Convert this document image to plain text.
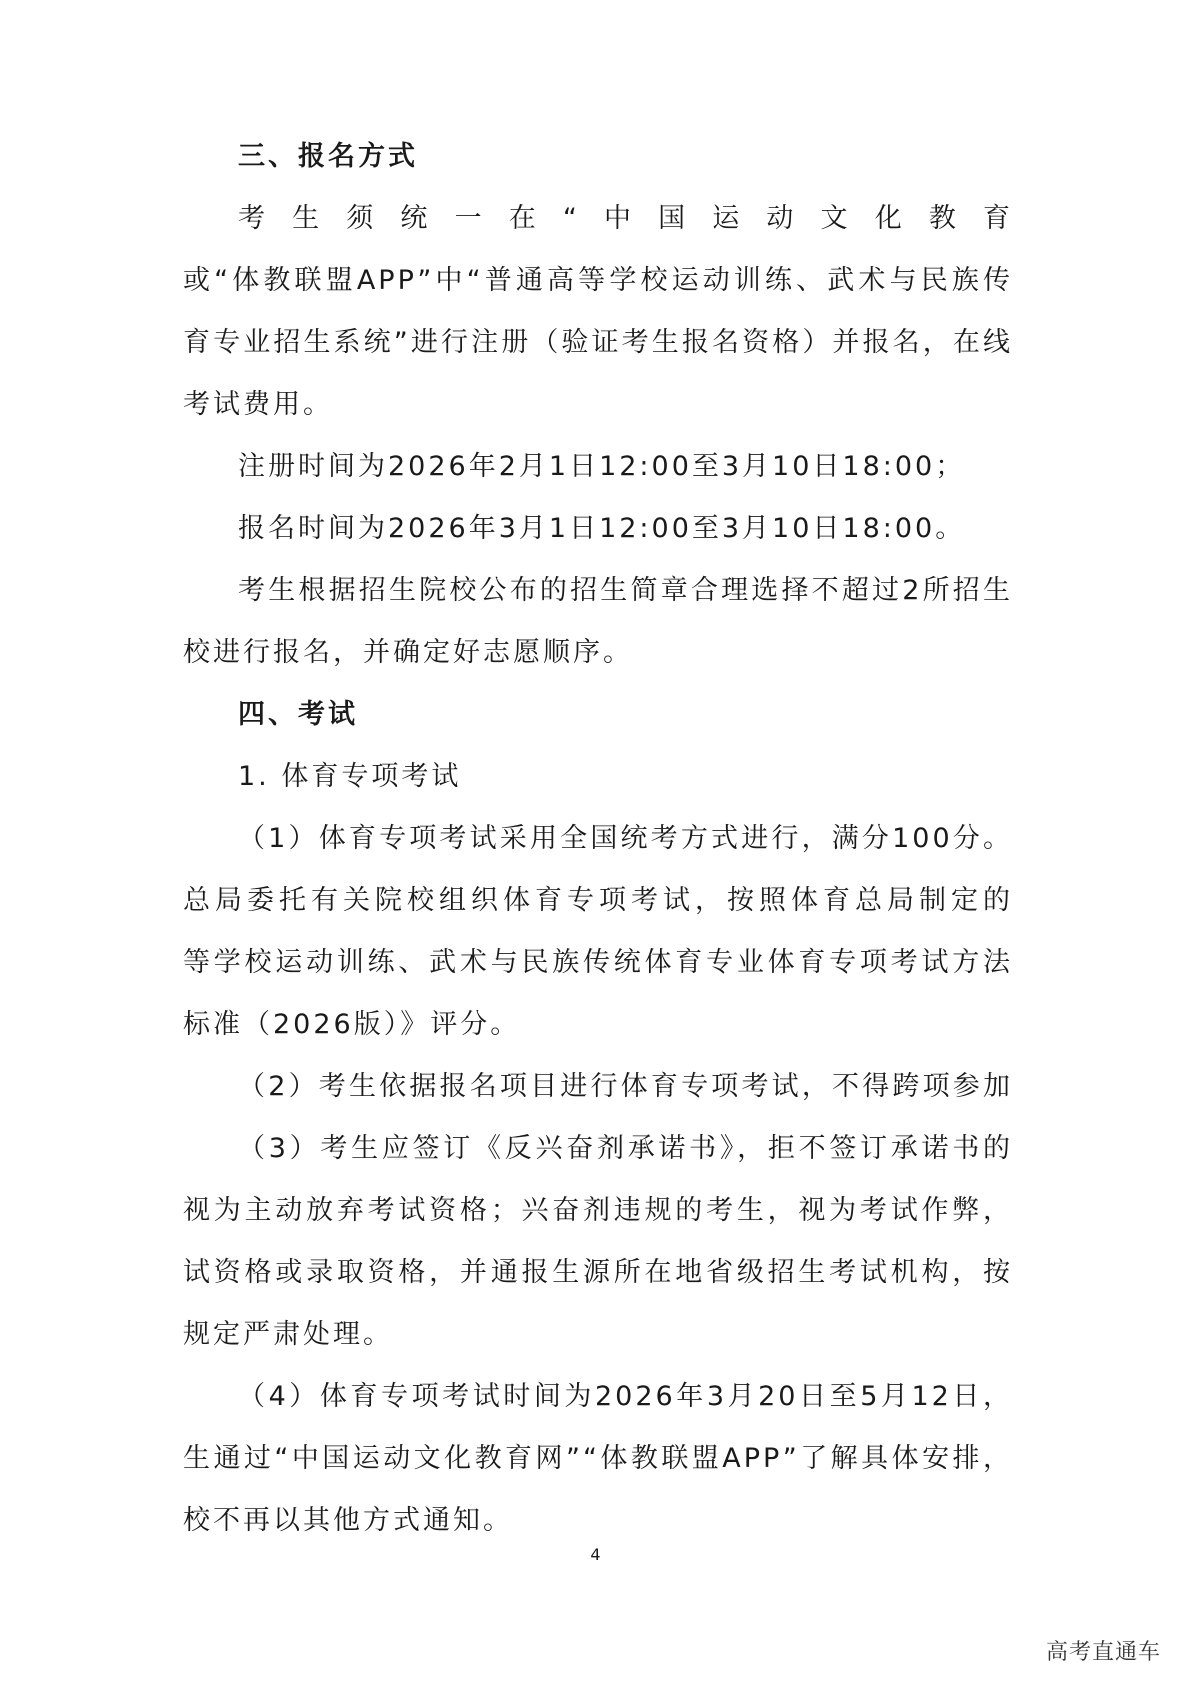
三、报名方式
考生须统一在“中国运动文化教育
或“体教联盟APP”中“普通高等学校运动训练、武术与民族传
育专业招生系统”进行注册（验证考生报名资格）并报名，在线
考试费用。
注册时间为2026年2月1日12:00至3月10日18:00；
报名时间为2026年3月1日12:00至3月10日18:00。
考生根据招生院校公布的招生简章合理选择不超过2所招生
校进行报名，并确定好志愿顺序。
四、考试
1. 体育专项考试
（1）体育专项考试采用全国统考方式进行，满分100分。
总局委托有关院校组织体育专项考试，按照体育总局制定的
等学校运动训练、武术与民族传统体育专业体育专项考试方法
标准（2026版）》评分。
（2）考生依据报名项目进行体育专项考试，不得跨项参加
（3）考生应签订《反兴奋剂承诺书》，拒不签订承诺书的
视为主动放弃考试资格；兴奋剂违规的考生，视为考试作弊，
试资格或录取资格，并通报生源所在地省级招生考试机构，按
规定严肃处理。
（4）体育专项考试时间为2026年3月20日至5月12日，
生通过“中国运动文化教育网”“体教联盟APP”了解具体安排，
校不再以其他方式通知。
4
高考直通车
